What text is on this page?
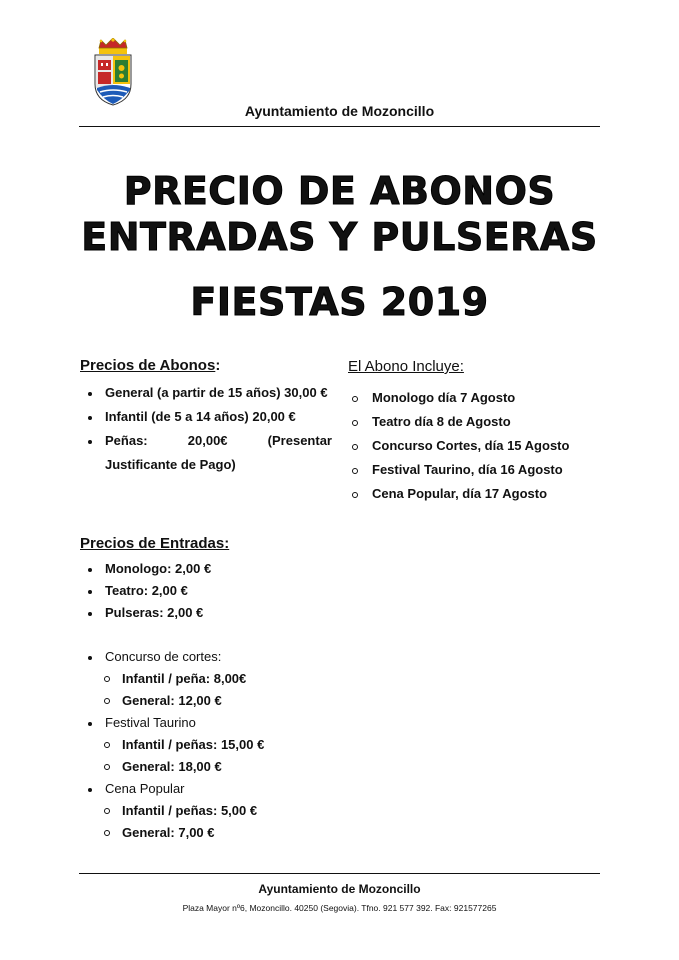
Ayuntamiento de Mozoncillo
PRECIO DE ABONOS
ENTRADAS Y PULSERAS
FIESTAS 2019
Precios de Abonos:
General (a partir de 15 años) 30,00 €
Infantil (de 5 a 14 años) 20,00 €
Peñas: 20,00€ (Presentar Justificante de Pago)
El Abono Incluye:
Monologo día 7 Agosto
Teatro día 8 de Agosto
Concurso Cortes, día 15 Agosto
Festival Taurino, día 16 Agosto
Cena Popular, día 17 Agosto
Precios de Entradas:
Monologo: 2,00 €
Teatro: 2,00 €
Pulseras: 2,00 €
Concurso de cortes:
Infantil / peña: 8,00€
General: 12,00 €
Festival Taurino
Infantil / peñas: 15,00 €
General: 18,00 €
Cena Popular
Infantil / peñas: 5,00 €
General: 7,00 €
Ayuntamiento de Mozoncillo
Plaza Mayor nº6, Mozoncillo. 40250 (Segovia). Tfno. 921 577 392. Fax: 921577265
